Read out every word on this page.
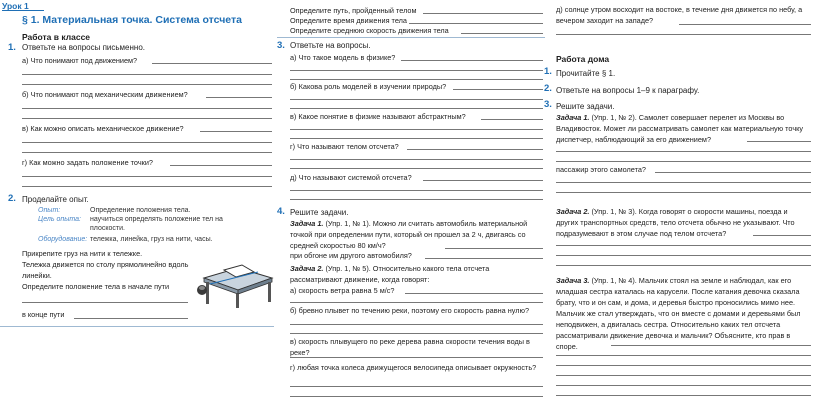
Урок 1
§ 1. Материальная точка. Система отсчета
Работа в классе
1. Ответьте на вопросы письменно.
а) Что понимают под движением?
б) Что понимают под механическим движением?
в) Как можно описать механическое движение?
г) Как можно задать положение точки?
2. Проделайте опыт.
Опыт:	Определение положения тела.
Цель опыта: научиться определять положение тел на плоскости.
Оборудование: тележка, линейка, груз на нити, часы.
Прикрепите груз на нити к тележке.
Тележка движется по столу прямолинейно вдоль линейки.
Определите положение тела в начале пути
в конце пути
Определите путь, пройденный телом
Определите время движения тела
Определите среднюю скорость движения тела
3. Ответьте на вопросы.
а) Что такое модель в физике?
б) Какова роль моделей в изучении природы?
в) Какое понятие в физике называют абстрактным?
г) Что называют телом отсчета?
д) Что называют системой отсчета?
4. Решите задачи.
Задача 1. (Упр. 1, № 1). Можно ли считать автомобиль материальной точкой при определении пути, который он прошел за 2 ч, двигаясь со средней скоростью 80 км/ч?
при обгоне им другого автомобиля?
Задача 2. (Упр. 1, № 5). Относительно какого тела отсчета рассматривают движение, когда говорят:
а) скорость ветра равна 5 м/с?
б) бревно плывет по течению реки, поэтому его скорость равна нулю?
в) скорость плывущего по реке дерева равна скорости течения воды в реке?
г) любая точка колеса движущегося велосипеда описывает окружность?
д) солнце утром восходит на востоке, в течение дня движется по небу, а вечером заходит на западе?
Работа дома
1. Прочитайте § 1.
2. Ответьте на вопросы 1–9 к параграфу.
3. Решите задачи.
Задача 1. (Упр. 1, № 2). Самолет совершает перелет из Москвы во Владивосток. Может ли рассматривать самолет как материальную точку диспетчер, наблюдающий за его движением?
пассажир этого самолета?
Задача 2. (Упр. 1, № 3). Когда говорят о скорости машины, поезда и других транспортных средств, тело отсчета обычно не указывают. Что подразумевают в этом случае под телом отсчета?
Задача 3. (Упр. 1, № 4). Мальчик стоял на земле и наблюдал, как его младшая сестра каталась на карусели. После катания девочка сказала брату, что и он сам, и дома, и деревья быстро проносились мимо нее. Мальчик же стал утверждать, что он вместе с домами и деревьями был неподвижен, а двигалась сестра. Относительно каких тел отсчета рассматривали движение девочка и мальчик? Объясните, кто прав в споре.
